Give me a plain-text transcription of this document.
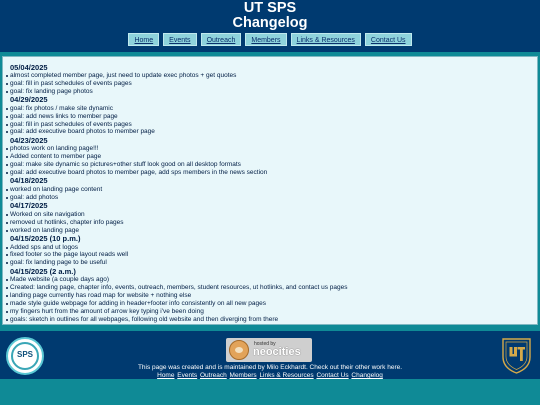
UT SPS
Changelog
Home Events Outreach Members Links & Resources Contact Us
05/04/2025
almost completed member page, just need to update exec photos + get quotes
goal: fill in past schedules of events pages
goal: fix landing page photos
04/29/2025
goal: fix photos / make site dynamic
goal: add news links to member page
goal: fill in past schedules of events pages
goal: add executive board photos to member page
04/23/2025
photos work on landing page!!!
Added content to member page
goal: make site dynamic so pictures+other stuff look good on all desktop formats
goal: add executive board photos to member page, add sps members in the news section
04/18/2025
worked on landing page content
goal: add photos
04/17/2025
Worked on site navigation
removed ut hotlinks, chapter info pages
worked on landing page
04/15/2025 (10 p.m.)
Added sps and ut logos
fixed footer so the page layout reads well
goal: fix landing page to be useful
04/15/2025 (2 a.m.)
Made website (a couple days ago)
Created: landing page, chapter info, events, outreach, members, student resources, ut hotlinks, and contact us pages
landing page currently has road map for website + nothing else
made style guide webpage for adding in header+footer info consistently on all new pages
my fingers hurt from the amount of arrow key typing i've been doing
goals: sketch in outlines for all webpages, following old website and then diverging from there
SPS
hosted by
neocities
This page was created and is maintained by Milo Eckhardt. Check out their other work here.
Home Events Outreach Members Links & Resources Contact Us Changelog
